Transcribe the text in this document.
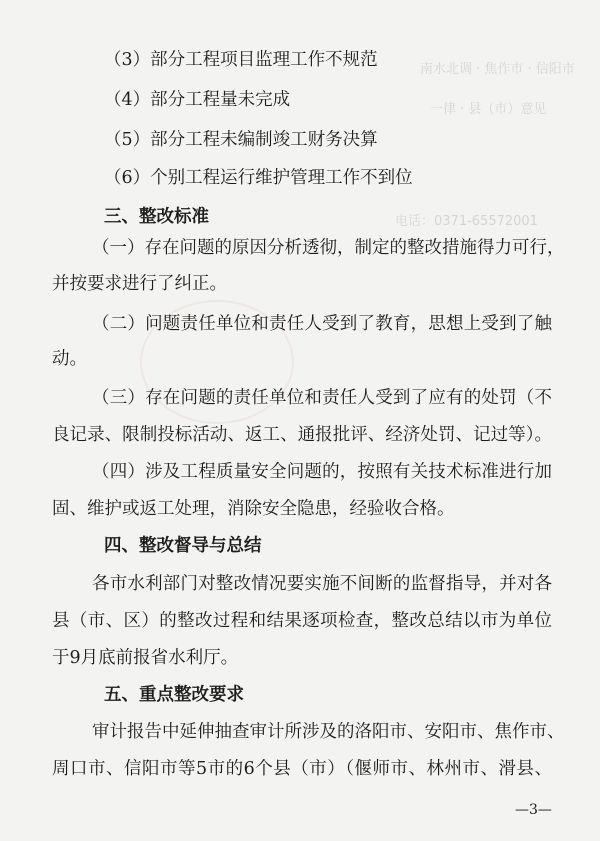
南水北调 · 焦作市 · 信阳市
一律 · 县（市）意见
电话：0371-65572001
（3）部分工程项目监理工作不规范
（4）部分工程量未完成
（5）部分工程未编制竣工财务决算
（6）个别工程运行维护管理工作不到位
三、整改标准
（一）存在问题的原因分析透彻，制定的整改措施得力可行，
并按要求进行了纠正。
（二）问题责任单位和责任人受到了教育，思想上受到了触
动。
（三）存在问题的责任单位和责任人受到了应有的处罚（不
良记录、限制投标活动、返工、通报批评、经济处罚、记过等）。
（四）涉及工程质量安全问题的，按照有关技术标准进行加
固、维护或返工处理，消除安全隐患，经验收合格。
四、整改督导与总结
各市水利部门对整改情况要实施不间断的监督指导，并对各
县（市、区）的整改过程和结果逐项检查，整改总结以市为单位
于9月底前报省水利厅。
五、重点整改要求
审计报告中延伸抽查审计所涉及的洛阳市、安阳市、焦作市、
周口市、信阳市等5市的6个县（市）（偃师市、林州市、滑县、
—3—
